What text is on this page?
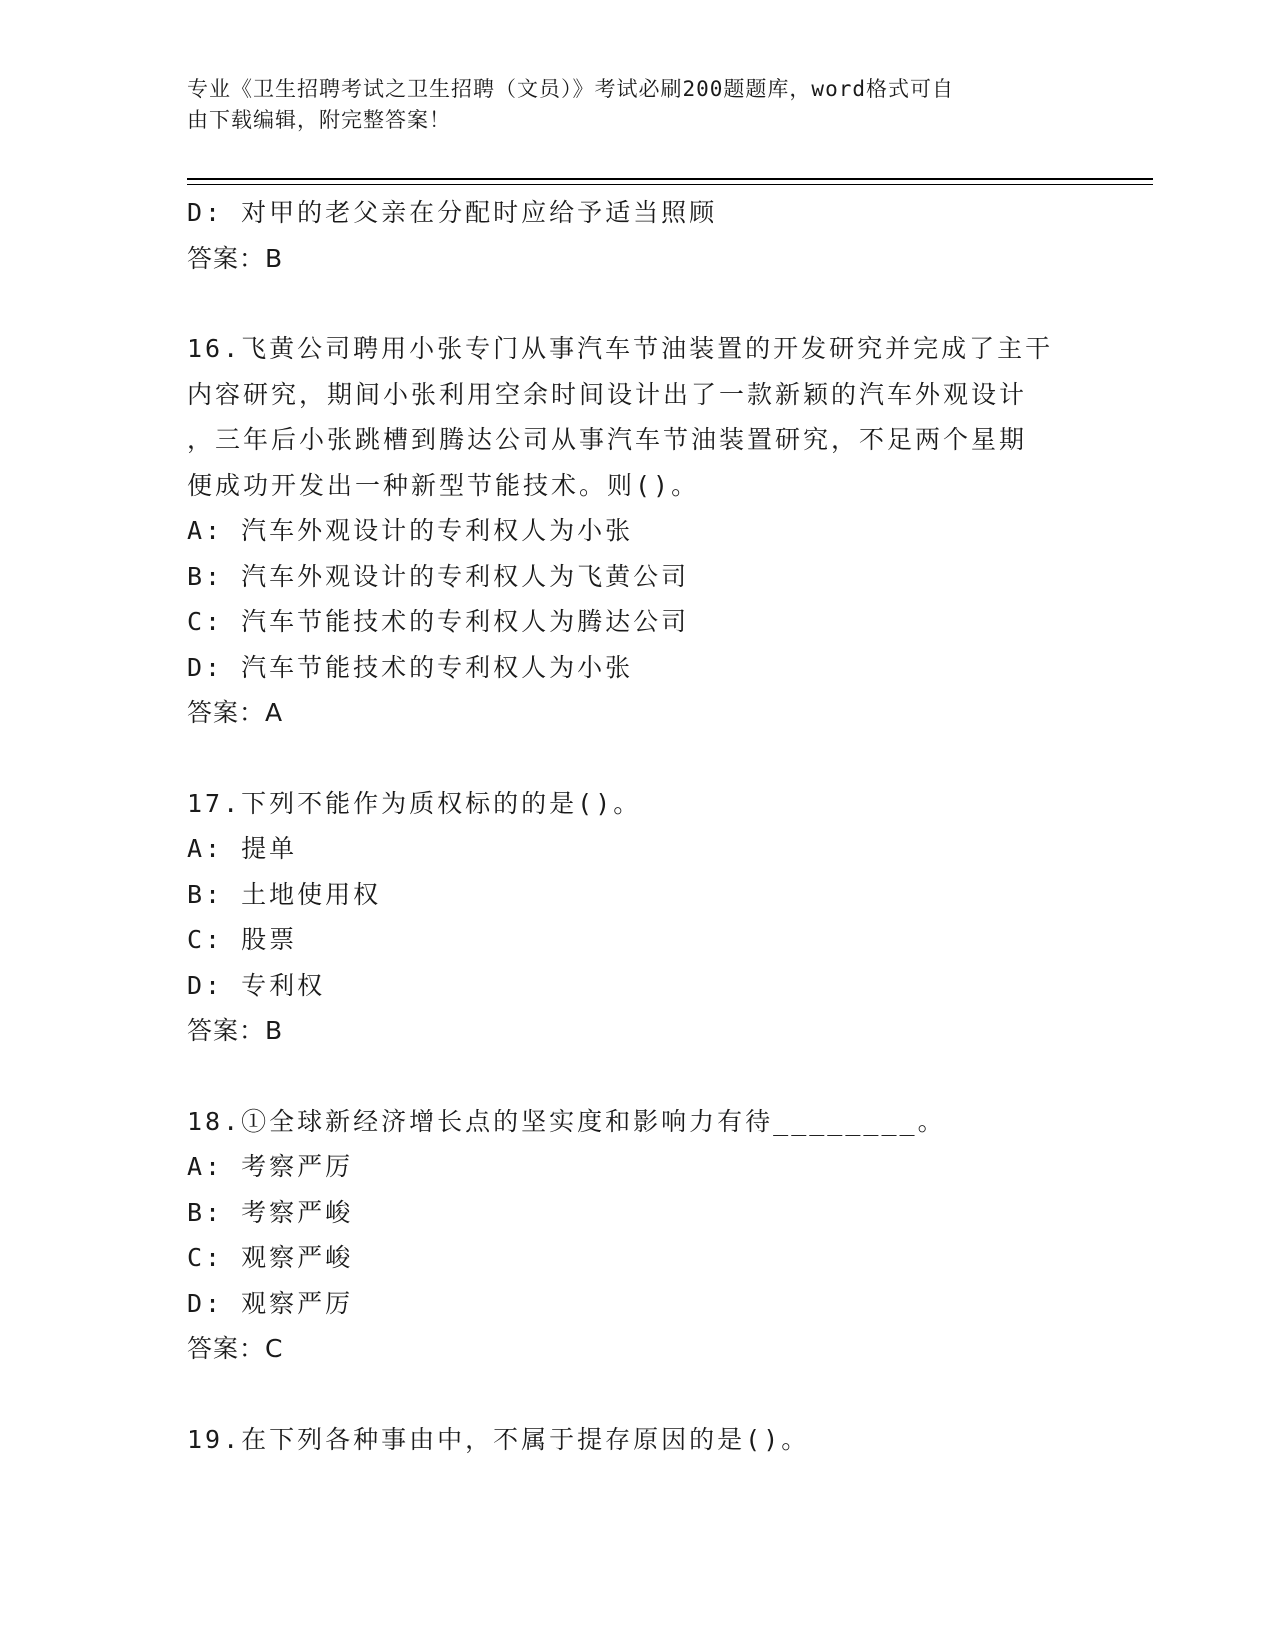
专业《卫生招聘考试之卫生招聘（文员）》考试必刷200题题库，word格式可自
由下载编辑，附完整答案！
D: 对甲的老父亲在分配时应给予适当照顾
答案：B
16.飞黄公司聘用小张专门从事汽车节油装置的开发研究并完成了主干
内容研究，期间小张利用空余时间设计出了一款新颖的汽车外观设计
，三年后小张跳槽到腾达公司从事汽车节油装置研究，不足两个星期
便成功开发出一种新型节能技术。则()。
A: 汽车外观设计的专利权人为小张
B: 汽车外观设计的专利权人为飞黄公司
C: 汽车节能技术的专利权人为腾达公司
D: 汽车节能技术的专利权人为小张
答案：A
17.下列不能作为质权标的的是()。
A: 提单
B: 土地使用权
C: 股票
D: 专利权
答案：B
18.①全球新经济增长点的坚实度和影响力有待________。
A: 考察严厉
B: 考察严峻
C: 观察严峻
D: 观察严厉
答案：C
19.在下列各种事由中，不属于提存原因的是()。
